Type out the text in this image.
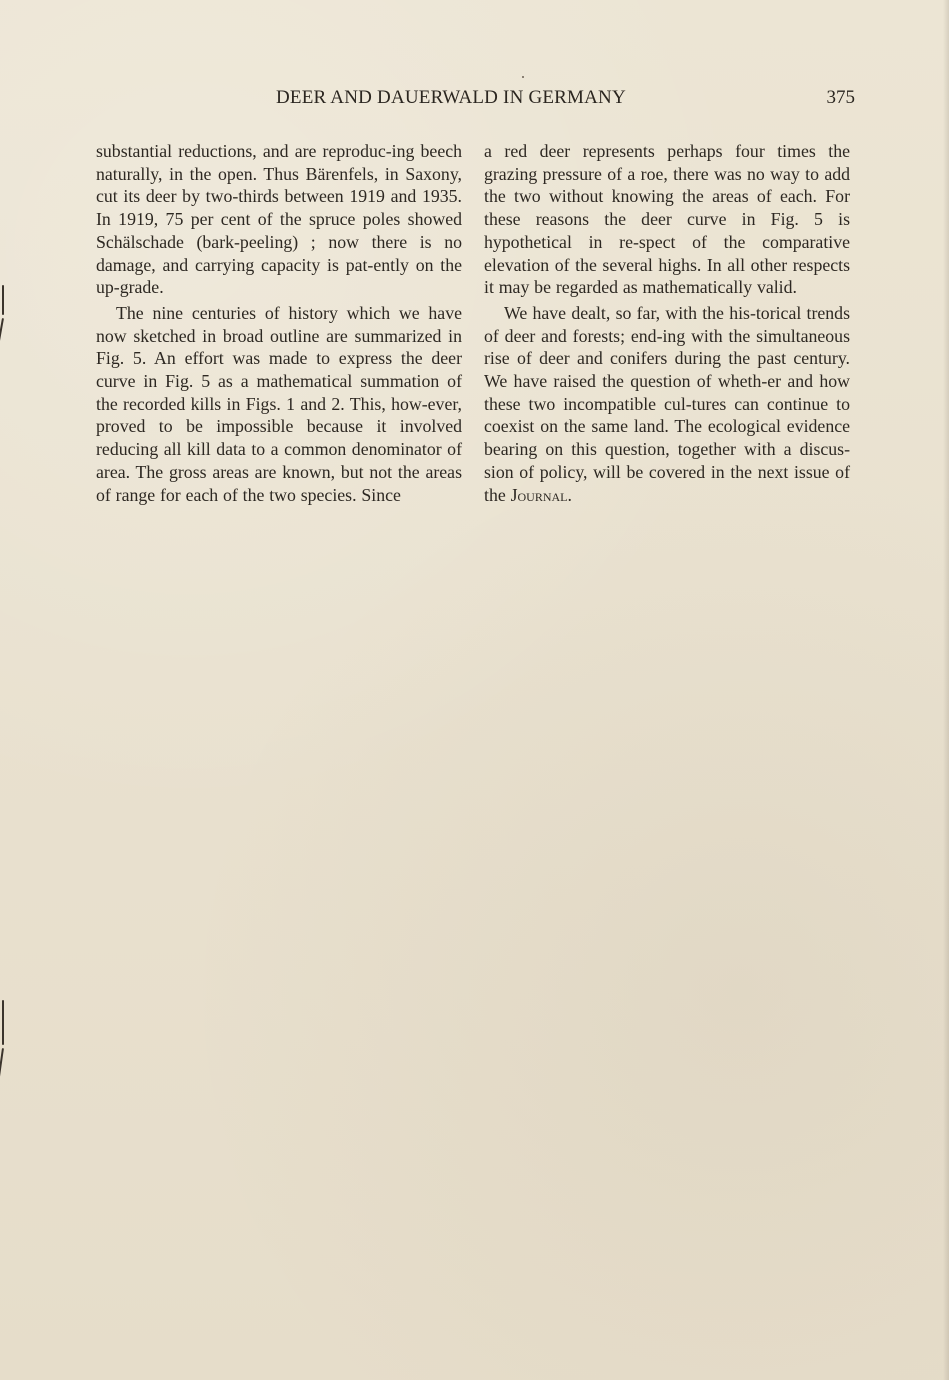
DEER AND DAUERWALD IN GERMANY	375

substantial reductions, and are reproduc-ing beech naturally, in the open. Thus Bärenfels, in Saxony, cut its deer by two-thirds between 1919 and 1935. In 1919, 75 per cent of the spruce poles showed Schälschade (bark-peeling) ; now there is no damage, and carrying capacity is pat-ently on the up-grade.

The nine centuries of history which we have now sketched in broad outline are summarized in Fig. 5. An effort was made to express the deer curve in Fig. 5 as a mathematical summation of the recorded kills in Figs. 1 and 2. This, how-ever, proved to be impossible because it involved reducing all kill data to a common denominator of area. The gross areas are known, but not the areas of range for each of the two species. Since

a red deer represents perhaps four times the grazing pressure of a roe, there was no way to add the two without knowing the areas of each. For these reasons the deer curve in Fig. 5 is hypothetical in re-spect of the comparative elevation of the several highs. In all other respects it may be regarded as mathematically valid.

We have dealt, so far, with the his-torical trends of deer and forests; end-ing with the simultaneous rise of deer and conifers during the past century. We have raised the question of wheth-er and how these two incompatible cul-tures can continue to coexist on the same land. The ecological evidence bearing on this question, together with a discus-sion of policy, will be covered in the next issue of the Journal.
